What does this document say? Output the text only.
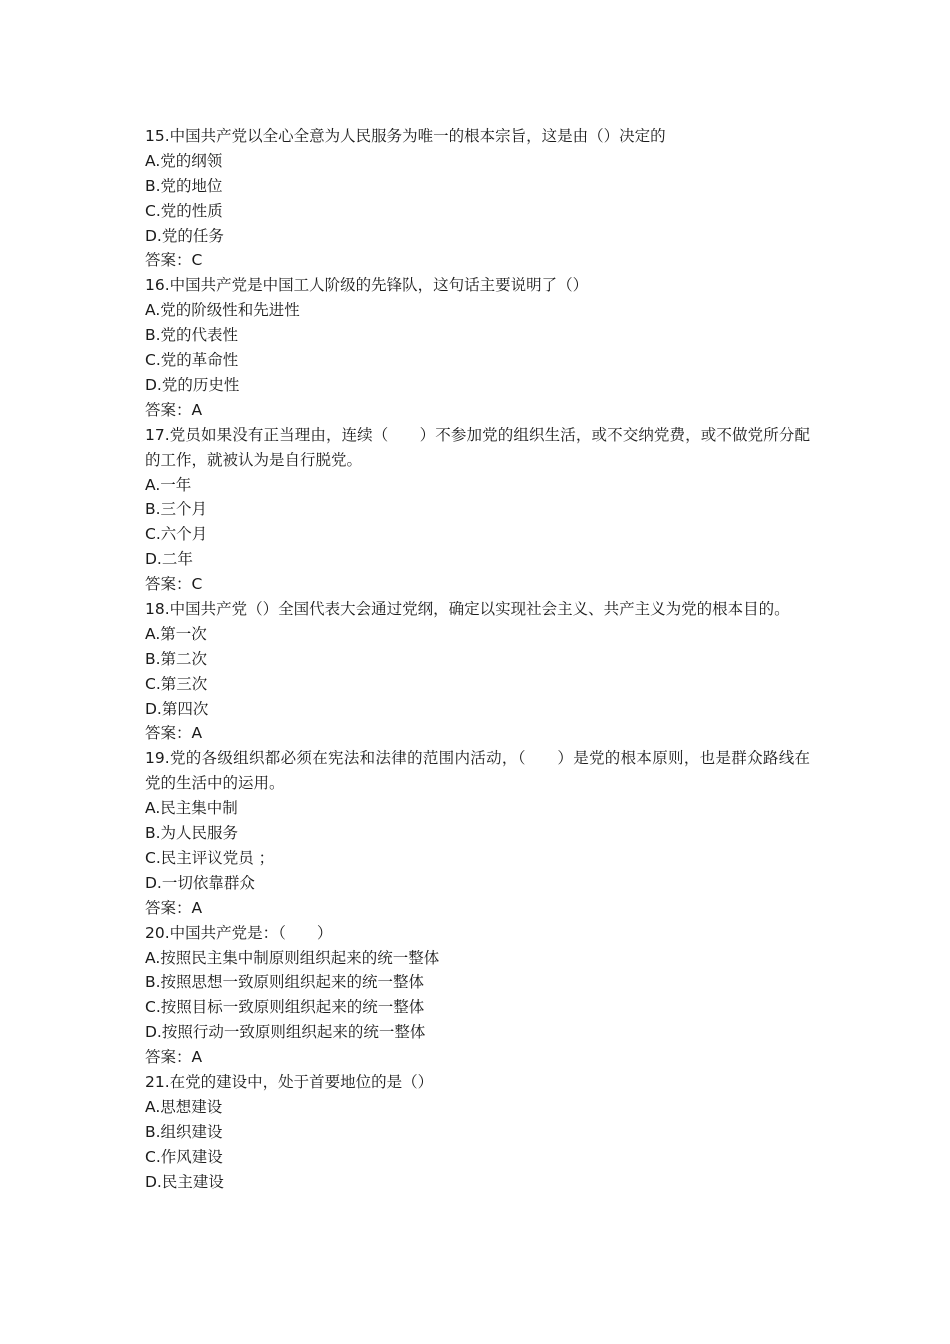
15.中国共产党以全心全意为人民服务为唯一的根本宗旨，这是由（）决定的
A.党的纲领
B.党的地位
C.党的性质
D.党的任务
答案：C
16.中国共产党是中国工人阶级的先锋队，这句话主要说明了（）
A.党的阶级性和先进性
B.党的代表性
C.党的革命性
D.党的历史性
答案：A
17.党员如果没有正当理由，连续（　　）不参加党的组织生活，或不交纳党费，或不做党所分配的工作，就被认为是自行脱党。
A.一年
B.三个月
C.六个月
D.二年
答案：C
18.中国共产党（）全国代表大会通过党纲，确定以实现社会主义、共产主义为党的根本目的。
A.第一次
B.第二次
C.第三次
D.第四次
答案：A
19.党的各级组织都必须在宪法和法律的范围内活动，（　　）是党的根本原则，也是群众路线在党的生活中的运用。
A.民主集中制
B.为人民服务
C.民主评议党员 ；
D.一切依靠群众
答案：A
20.中国共产党是：（　　）
A.按照民主集中制原则组织起来的统一整体
B.按照思想一致原则组织起来的统一整体
C.按照目标一致原则组织起来的统一整体
D.按照行动一致原则组织起来的统一整体
答案：A
21.在党的建设中，处于首要地位的是（）
A.思想建设
B.组织建设
C.作风建设
D.民主建设
